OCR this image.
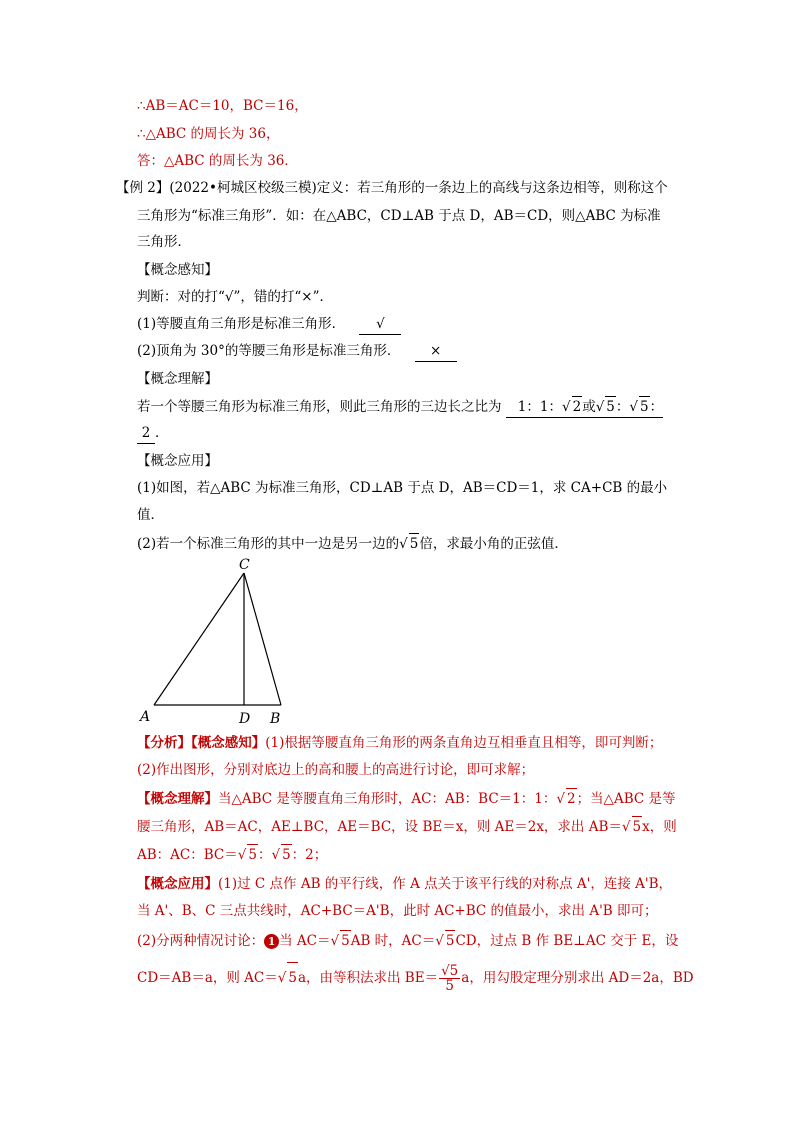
∴AB＝AC＝10，BC＝16，
∴△ABC 的周长为 36，
答：△ABC 的周长为 36．
【例 2】(2022•柯城区校级三模)定义：若三角形的一条边上的高线与这条边相等，则称这个
三角形为“标准三角形”．如：在△ABC，CD⊥AB 于点 D，AB＝CD，则△ABC 为标准
三角形．
【概念感知】
判断：对的打“√”，错的打“×”．
(1)等腰直角三角形是标准三角形． √
(2)顶角为 30°的等腰三角形是标准三角形． ×
【概念理解】
若一个等腰三角形为标准三角形，则此三角形的三边长之比为 1：1：√ 2或√ 5：√ 5：
2 ．
【概念应用】
(1)如图，若△ABC 为标准三角形，CD⊥AB 于点 D，AB＝CD＝1，求 CA+CB 的最小
值．
(2)若一个标准三角形的其中一边是另一边的√ 5倍，求最小角的正弦值．
C
A	D B
【分析】【概念感知】(1)根据等腰直角三角形的两条直角边互相垂直且相等，即可判断；
(2)作出图形，分别对底边上的高和腰上的高进行讨论，即可求解；
【概念理解】当△ABC 是等腰直角三角形时，AC：AB：BC＝1：1：√ 2；当△ABC 是等
腰三角形，AB＝AC，AE⊥BC，AE＝BC，设 BE＝x，则 AE＝2x，求出 AB＝√ 5x，则
AB：AC：BC＝√ 5：√ 5：2；
【概念应用】(1)过 C 点作 AB 的平行线，作 A 点关于该平行线的对称点 A'，连接 A'B，
当 A'、B、C 三点共线时，AC+BC＝A'B，此时 AC+BC 的值最小，求出 A'B 即可；
(2)分两种情况讨论： 1 当 AC＝√ 5AB 时，AC＝√ 5CD，过点 B 作 BE⊥AC 交于 E，设
CD＝AB＝a，则 AC＝√ 5a，由等积法求出 $BE= \frac{√5}{5}$ a，用勾股定理分别求出 AD＝2a，BD
